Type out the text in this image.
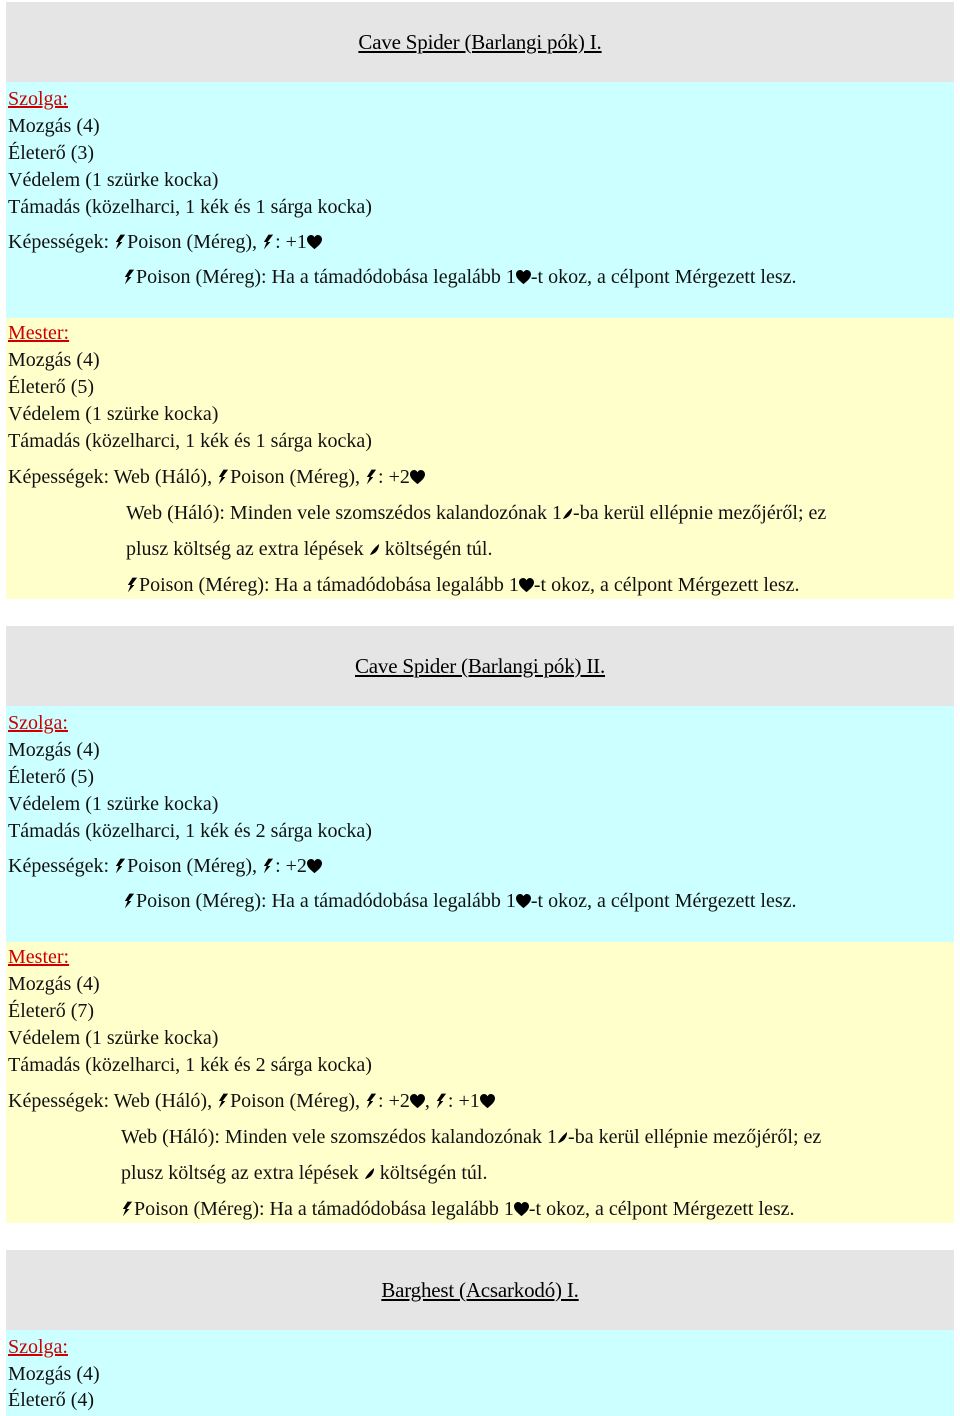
Cave Spider (Barlangi pók) I.
Szolga:
Mozgás (4)
Életerő (3)
Védelem (1 szürke kocka)
Támadás (közelharci, 1 kék és 1 sárga kocka)
Képességek: Poison (Méreg), : +1
Poison (Méreg): Ha a támadódobása legalább 1 -t okoz, a célpont Mérgezett lesz.
Mester:
Mozgás (4)
Életerő (5)
Védelem (1 szürke kocka)
Támadás (közelharci, 1 kék és 1 sárga kocka)
Képességek: Web (Háló), Poison (Méreg), : +2
Web (Háló): Minden vele szomszédos kalandozónak 1 -ba kerül ellépnie mezőjéről; ez
plusz költség az extra lépések  költségén túl.
Poison (Méreg): Ha a támadódobása legalább 1 -t okoz, a célpont Mérgezett lesz.
Cave Spider (Barlangi pók) II.
Szolga:
Mozgás (4)
Életerő (5)
Védelem (1 szürke kocka)
Támadás (közelharci, 1 kék és 2 sárga kocka)
Képességek: Poison (Méreg), : +2
Poison (Méreg): Ha a támadódobása legalább 1 -t okoz, a célpont Mérgezett lesz.
Mester:
Mozgás (4)
Életerő (7)
Védelem (1 szürke kocka)
Támadás (közelharci, 1 kék és 2 sárga kocka)
Képességek: Web (Háló), Poison (Méreg), : +2 , : +1
Web (Háló): Minden vele szomszédos kalandozónak 1 -ba kerül ellépnie mezőjéről; ez
plusz költség az extra lépések  költségén túl.
Poison (Méreg): Ha a támadódobása legalább 1 -t okoz, a célpont Mérgezett lesz.
Barghest (Acsarkodó) I.
Szolga:
Mozgás (4)
Életerő (4)
